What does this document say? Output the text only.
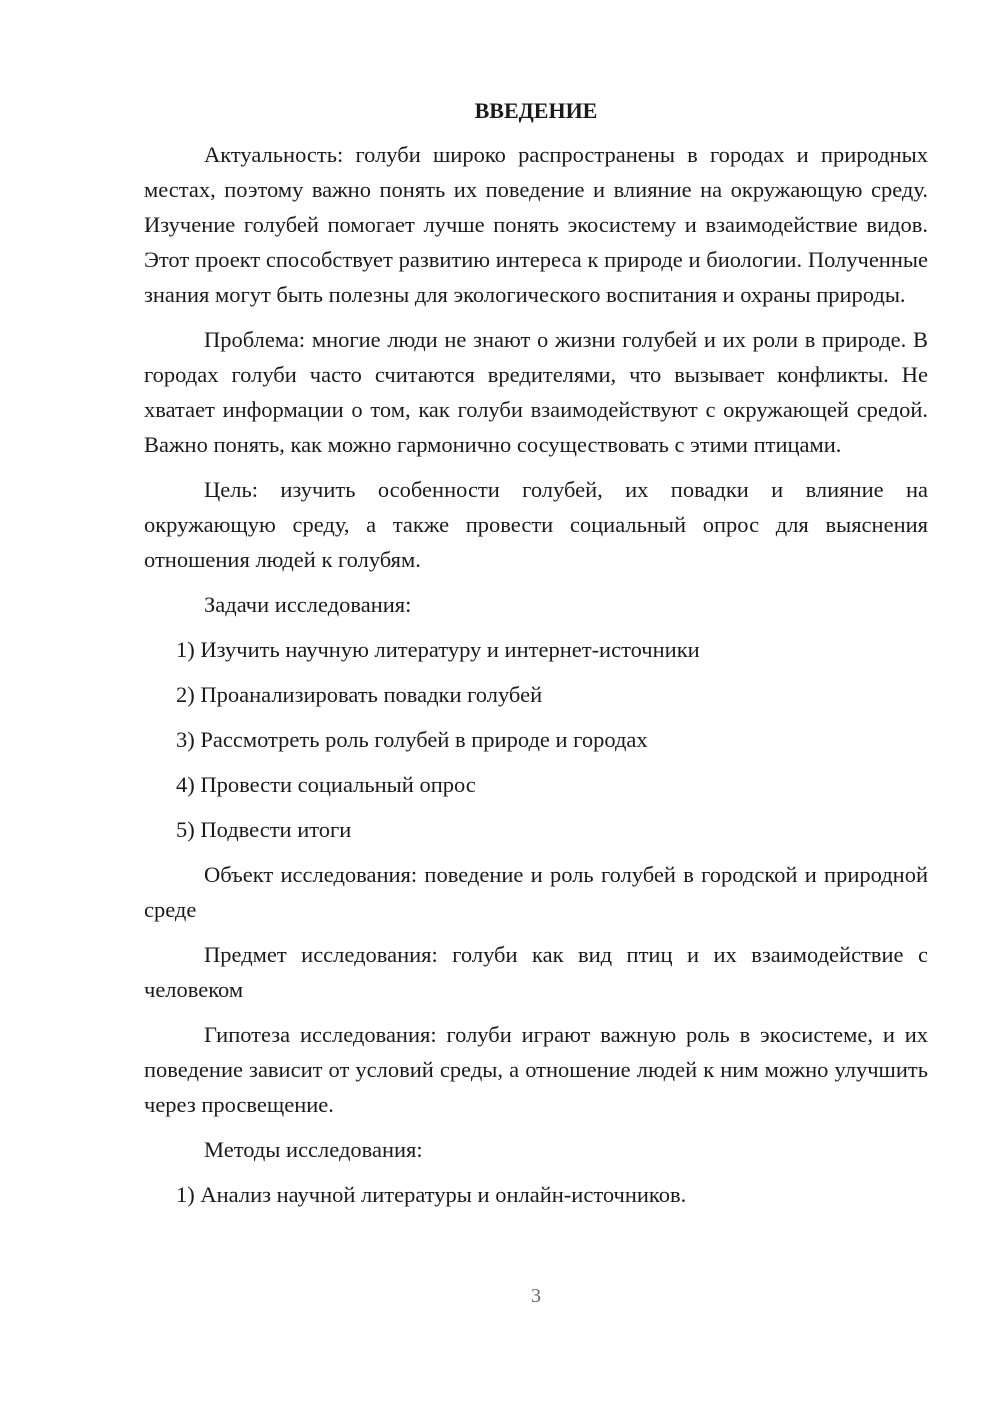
ВВЕДЕНИЕ

Актуальность: голуби широко распространены в городах и природных местах, поэтому важно понять их поведение и влияние на окружающую среду. Изучение голубей помогает лучше понять экосистему и взаимодействие видов. Этот проект способствует развитию интереса к природе и биологии. Полученные знания могут быть полезны для экологического воспитания и охраны природы.

Проблема: многие люди не знают о жизни голубей и их роли в природе. В городах голуби часто считаются вредителями, что вызывает конфликты. Не хватает информации о том, как голуби взаимодействуют с окружающей средой. Важно понять, как можно гармонично сосуществовать с этими птицами.

Цель: изучить особенности голубей, их повадки и влияние на окружающую среду, а также провести социальный опрос для выяснения отношения людей к голубям.

Задачи исследования:

1) Изучить научную литературу и интернет-источники
2) Проанализировать повадки голубей
3) Рассмотреть роль голубей в природе и городах
4) Провести социальный опрос
5) Подвести итоги

Объект исследования: поведение и роль голубей в городской и природной среде

Предмет исследования: голуби как вид птиц и их взаимодействие с человеком

Гипотеза исследования: голуби играют важную роль в экосистеме, и их поведение зависит от условий среды, а отношение людей к ним можно улучшить через просвещение.

Методы исследования:

1) Анализ научной литературы и онлайн-источников.
3
